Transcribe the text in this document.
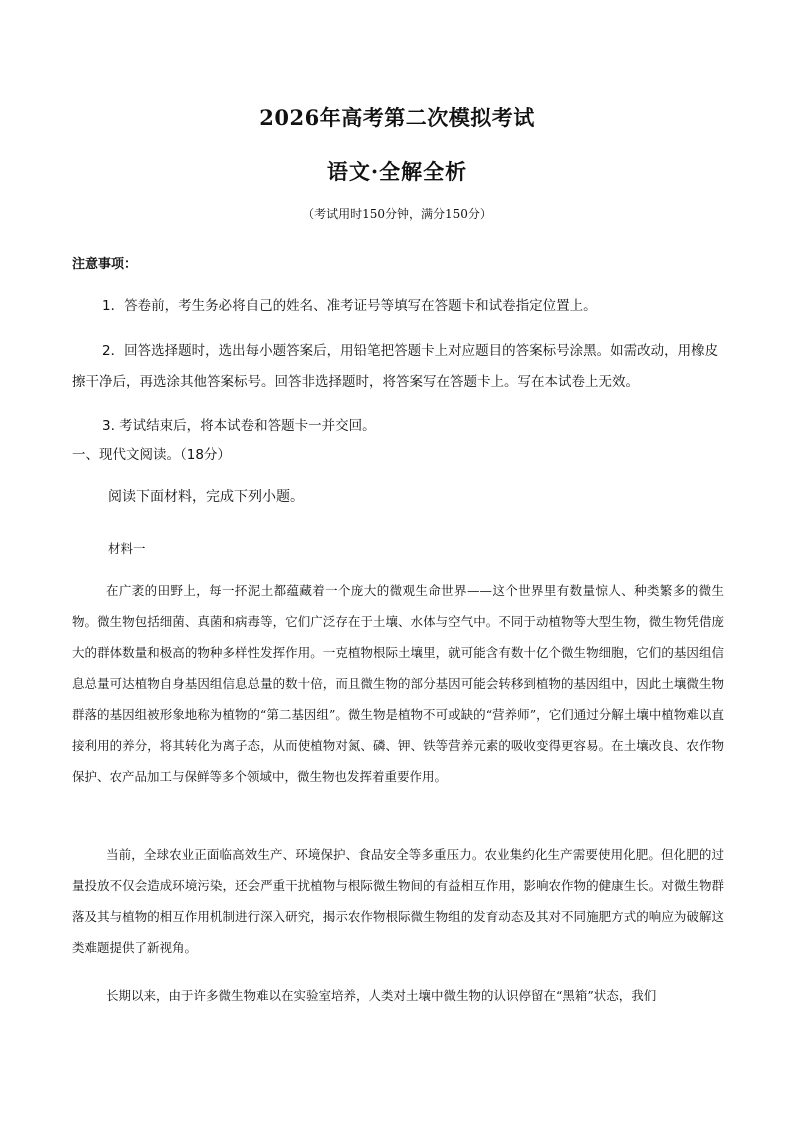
2026年高考第二次模拟考试
语文·全解全析
（考试用时150分钟，满分150分）
注意事项：

1．答卷前，考生务必将自己的姓名、准考证号等填写在答题卡和试卷指定位置上。

2．回答选择题时，选出每小题答案后，用铅笔把答题卡上对应题目的答案标号涂黑。如需改动，用橡皮擦干净后，再选涂其他答案标号。回答非选择题时，将答案写在答题卡上。写在本试卷上无效。

3. 考试结束后，将本试卷和答题卡一并交回。

一、现代文阅读。（18分）
阅读下面材料，完成下列小题。
材料一

在广袤的田野上，每一抔泥土都蕴藏着一个庞大的微观生命世界——这个世界里有数量惊人、种类繁多的微生物。微生物包括细菌、真菌和病毒等，它们广泛存在于土壤、水体与空气中。不同于动植物等大型生物，微生物凭借庞大的群体数量和极高的物种多样性发挥作用。一克植物根际土壤里，就可能含有数十亿个微生物细胞，它们的基因组信息总量可达植物自身基因组信息总量的数十倍，而且微生物的部分基因可能会转移到植物的基因组中，因此土壤微生物群落的基因组被形象地称为植物的“第二基因组”。微生物是植物不可或缺的“营养师”，它们通过分解土壤中植物难以直接利用的养分，将其转化为离子态，从而使植物对氮、磷、钾、铁等营养元素的吸收变得更容易。在土壤改良、农作物保护、农产品加工与保鲜等多个领域中，微生物也发挥着重要作用。

当前，全球农业正面临高效生产、环境保护、食品安全等多重压力。农业集约化生产需要使用化肥。但化肥的过量投放不仅会造成环境污染，还会严重干扰植物与根际微生物间的有益相互作用，影响农作物的健康生长。对微生物群落及其与植物的相互作用机制进行深入研究，揭示农作物根际微生物组的发育动态及其对不同施肥方式的响应为破解这类难题提供了新视角。

长期以来，由于许多微生物难以在实验室培养，人类对土壤中微生物的认识停留在“黑箱”状态，我们
